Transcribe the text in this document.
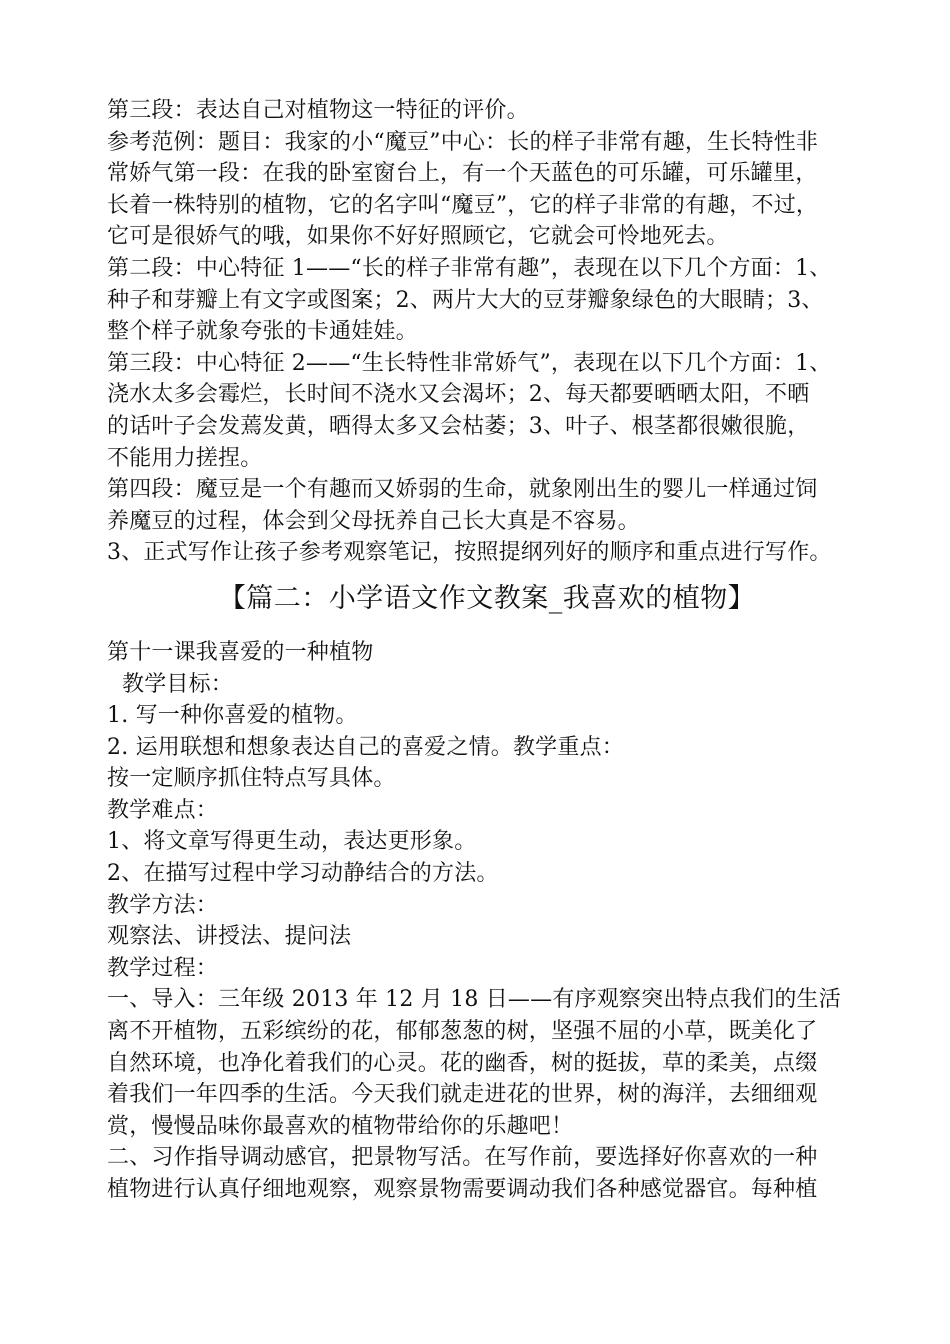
第三段：表达自己对植物这一特征的评价。
参考范例：题目：我家的小“魔豆”中心：长的样子非常有趣，生长特性非
常娇气第一段：在我的卧室窗台上，有一个天蓝色的可乐罐，可乐罐里，
长着一株特别的植物，它的名字叫“魔豆”，它的样子非常的有趣，不过，
它可是很娇气的哦，如果你不好好照顾它，它就会可怜地死去。
第二段：中心特征 1——“长的样子非常有趣”，表现在以下几个方面：1、
种子和芽瓣上有文字或图案；2、两片大大的豆芽瓣象绿色的大眼睛；3、
整个样子就象夸张的卡通娃娃。
第三段：中心特征 2——“生长特性非常娇气”，表现在以下几个方面：1、
浇水太多会霉烂，长时间不浇水又会渴坏；2、每天都要晒晒太阳，不晒
的话叶子会发蔫发黄，晒得太多又会枯萎；3、叶子、根茎都很嫩很脆，
不能用力搓捏。
第四段：魔豆是一个有趣而又娇弱的生命，就象刚出生的婴儿一样通过饲
养魔豆的过程，体会到父母抚养自己长大真是不容易。
3、正式写作让孩子参考观察笔记，按照提纲列好的顺序和重点进行写作。
【篇二：小学语文作文教案_我喜欢的植物】
第十一课我喜爱的一种植物
教学目标：
1. 写一种你喜爱的植物。
2. 运用联想和想象表达自己的喜爱之情。教学重点：
按一定顺序抓住特点写具体。
教学难点：
1、将文章写得更生动，表达更形象。
2、在描写过程中学习动静结合的方法。
教学方法：
观察法、讲授法、提问法
教学过程：
一、导入：三年级 2013 年 12 月 18 日——有序观察突出特点我们的生活
离不开植物，五彩缤纷的花，郁郁葱葱的树，坚强不屈的小草，既美化了
自然环境，也净化着我们的心灵。花的幽香，树的挺拔，草的柔美，点缀
着我们一年四季的生活。今天我们就走进花的世界，树的海洋，去细细观
赏，慢慢品味你最喜欢的植物带给你的乐趣吧！
二、习作指导调动感官，把景物写活。在写作前，要选择好你喜欢的一种
植物进行认真仔细地观察，观察景物需要调动我们各种感觉器官。每种植
